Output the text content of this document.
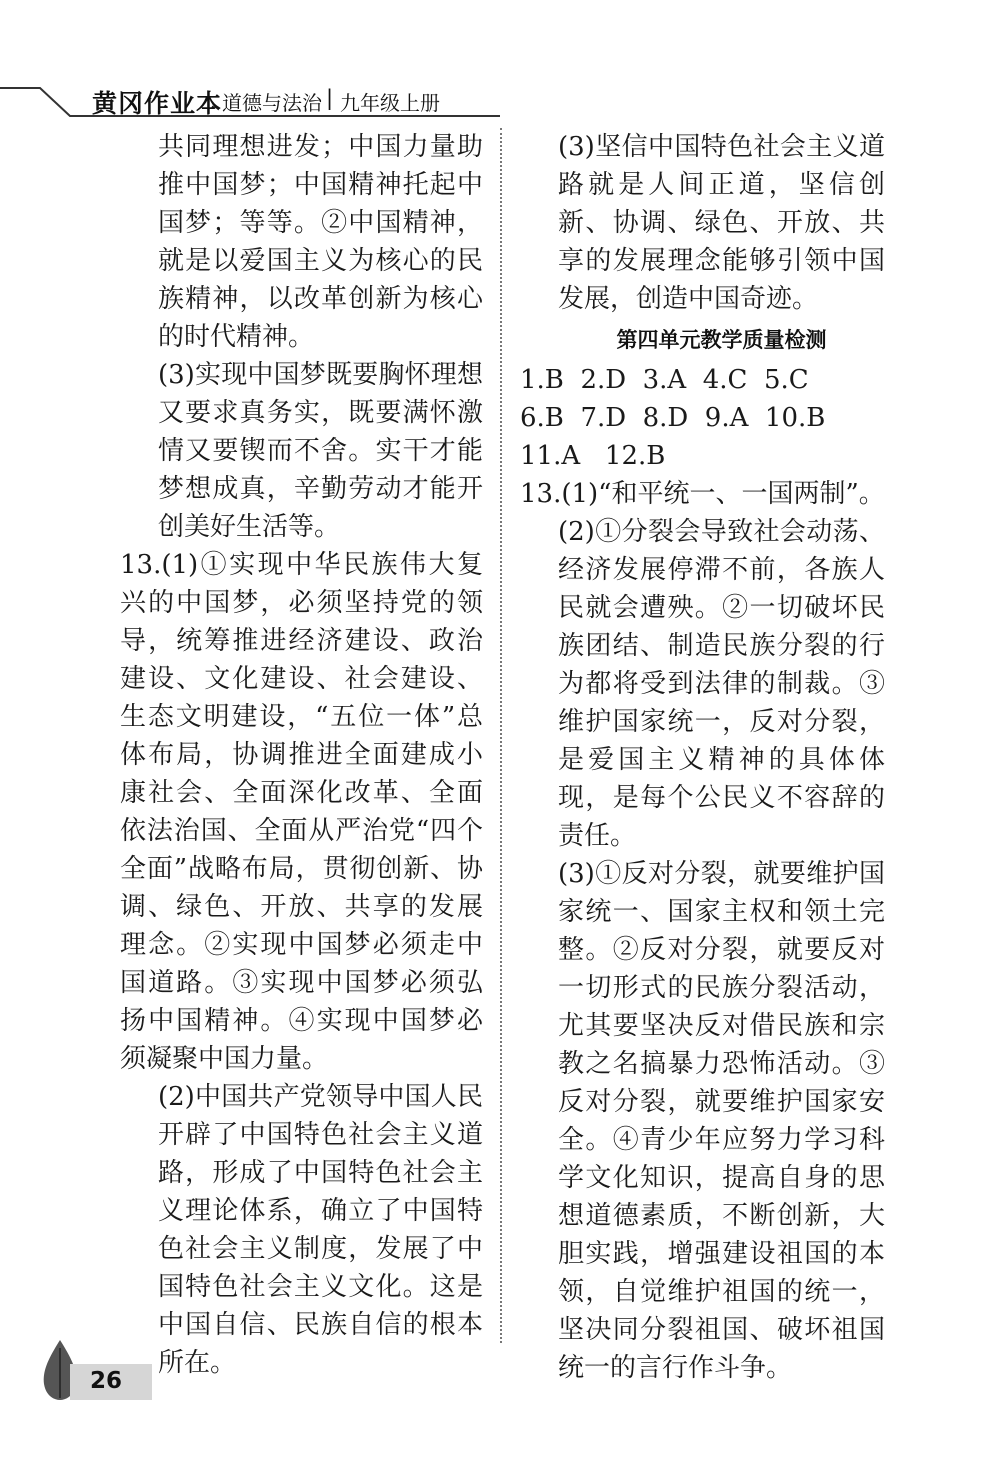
黄冈作业本 道德与法治 | 九年级上册

共同理想进发；中国力量助推中国梦；中国精神托起中国梦；等等。②中国精神，就是以爱国主义为核心的民族精神，以改革创新为核心的时代精神。

(3)实现中国梦既要胸怀理想又要求真务实，既要满怀激情又要锲而不舍。实干才能梦想成真，辛勤劳动才能开创美好生活等。

13.(1)①实现中华民族伟大复兴的中国梦，必须坚持党的领导，统筹推进经济建设、政治建设、文化建设、社会建设、生态文明建设，“五位一体”总体布局，协调推进全面建成小康社会、全面深化改革、全面依法治国、全面从严治党“四个全面”战略布局，贯彻创新、协调、绿色、开放、共享的发展理念。②实现中国梦必须走中国道路。③实现中国梦必须弘扬中国精神。④实现中国梦必须凝聚中国力量。

(2)中国共产党领导中国人民开辟了中国特色社会主义道路，形成了中国特色社会主义理论体系，确立了中国特色社会主义制度，发展了中国特色社会主义文化。这是中国自信、民族自信的根本所在。

(3)坚信中国特色社会主义道路就是人间正道，坚信创新、协调、绿色、开放、共享的发展理念能够引领中国发展，创造中国奇迹。

第四单元教学质量检测

1.B  2.D  3.A  4.C  5.C

6.B  7.D  8.D  9.A  10.B

11.A   12.B

13.(1)“和平统一、一国两制”。

(2)①分裂会导致社会动荡、经济发展停滞不前，各族人民就会遭殃。②一切破坏民族团结、制造民族分裂的行为都将受到法律的制裁。③维护国家统一，反对分裂，是爱国主义精神的具体体现，是每个公民义不容辞的责任。

(3)①反对分裂，就要维护国家统一、国家主权和领土完整。②反对分裂，就要反对一切形式的民族分裂活动，尤其要坚决反对借民族和宗教之名搞暴力恐怖活动。③反对分裂，就要维护国家安全。④青少年应努力学习科学文化知识，提高自身的思想道德素质，不断创新，大胆实践，增强建设祖国的本领，自觉维护祖国的统一，坚决同分裂祖国、破坏祖国统一的言行作斗争。

26
